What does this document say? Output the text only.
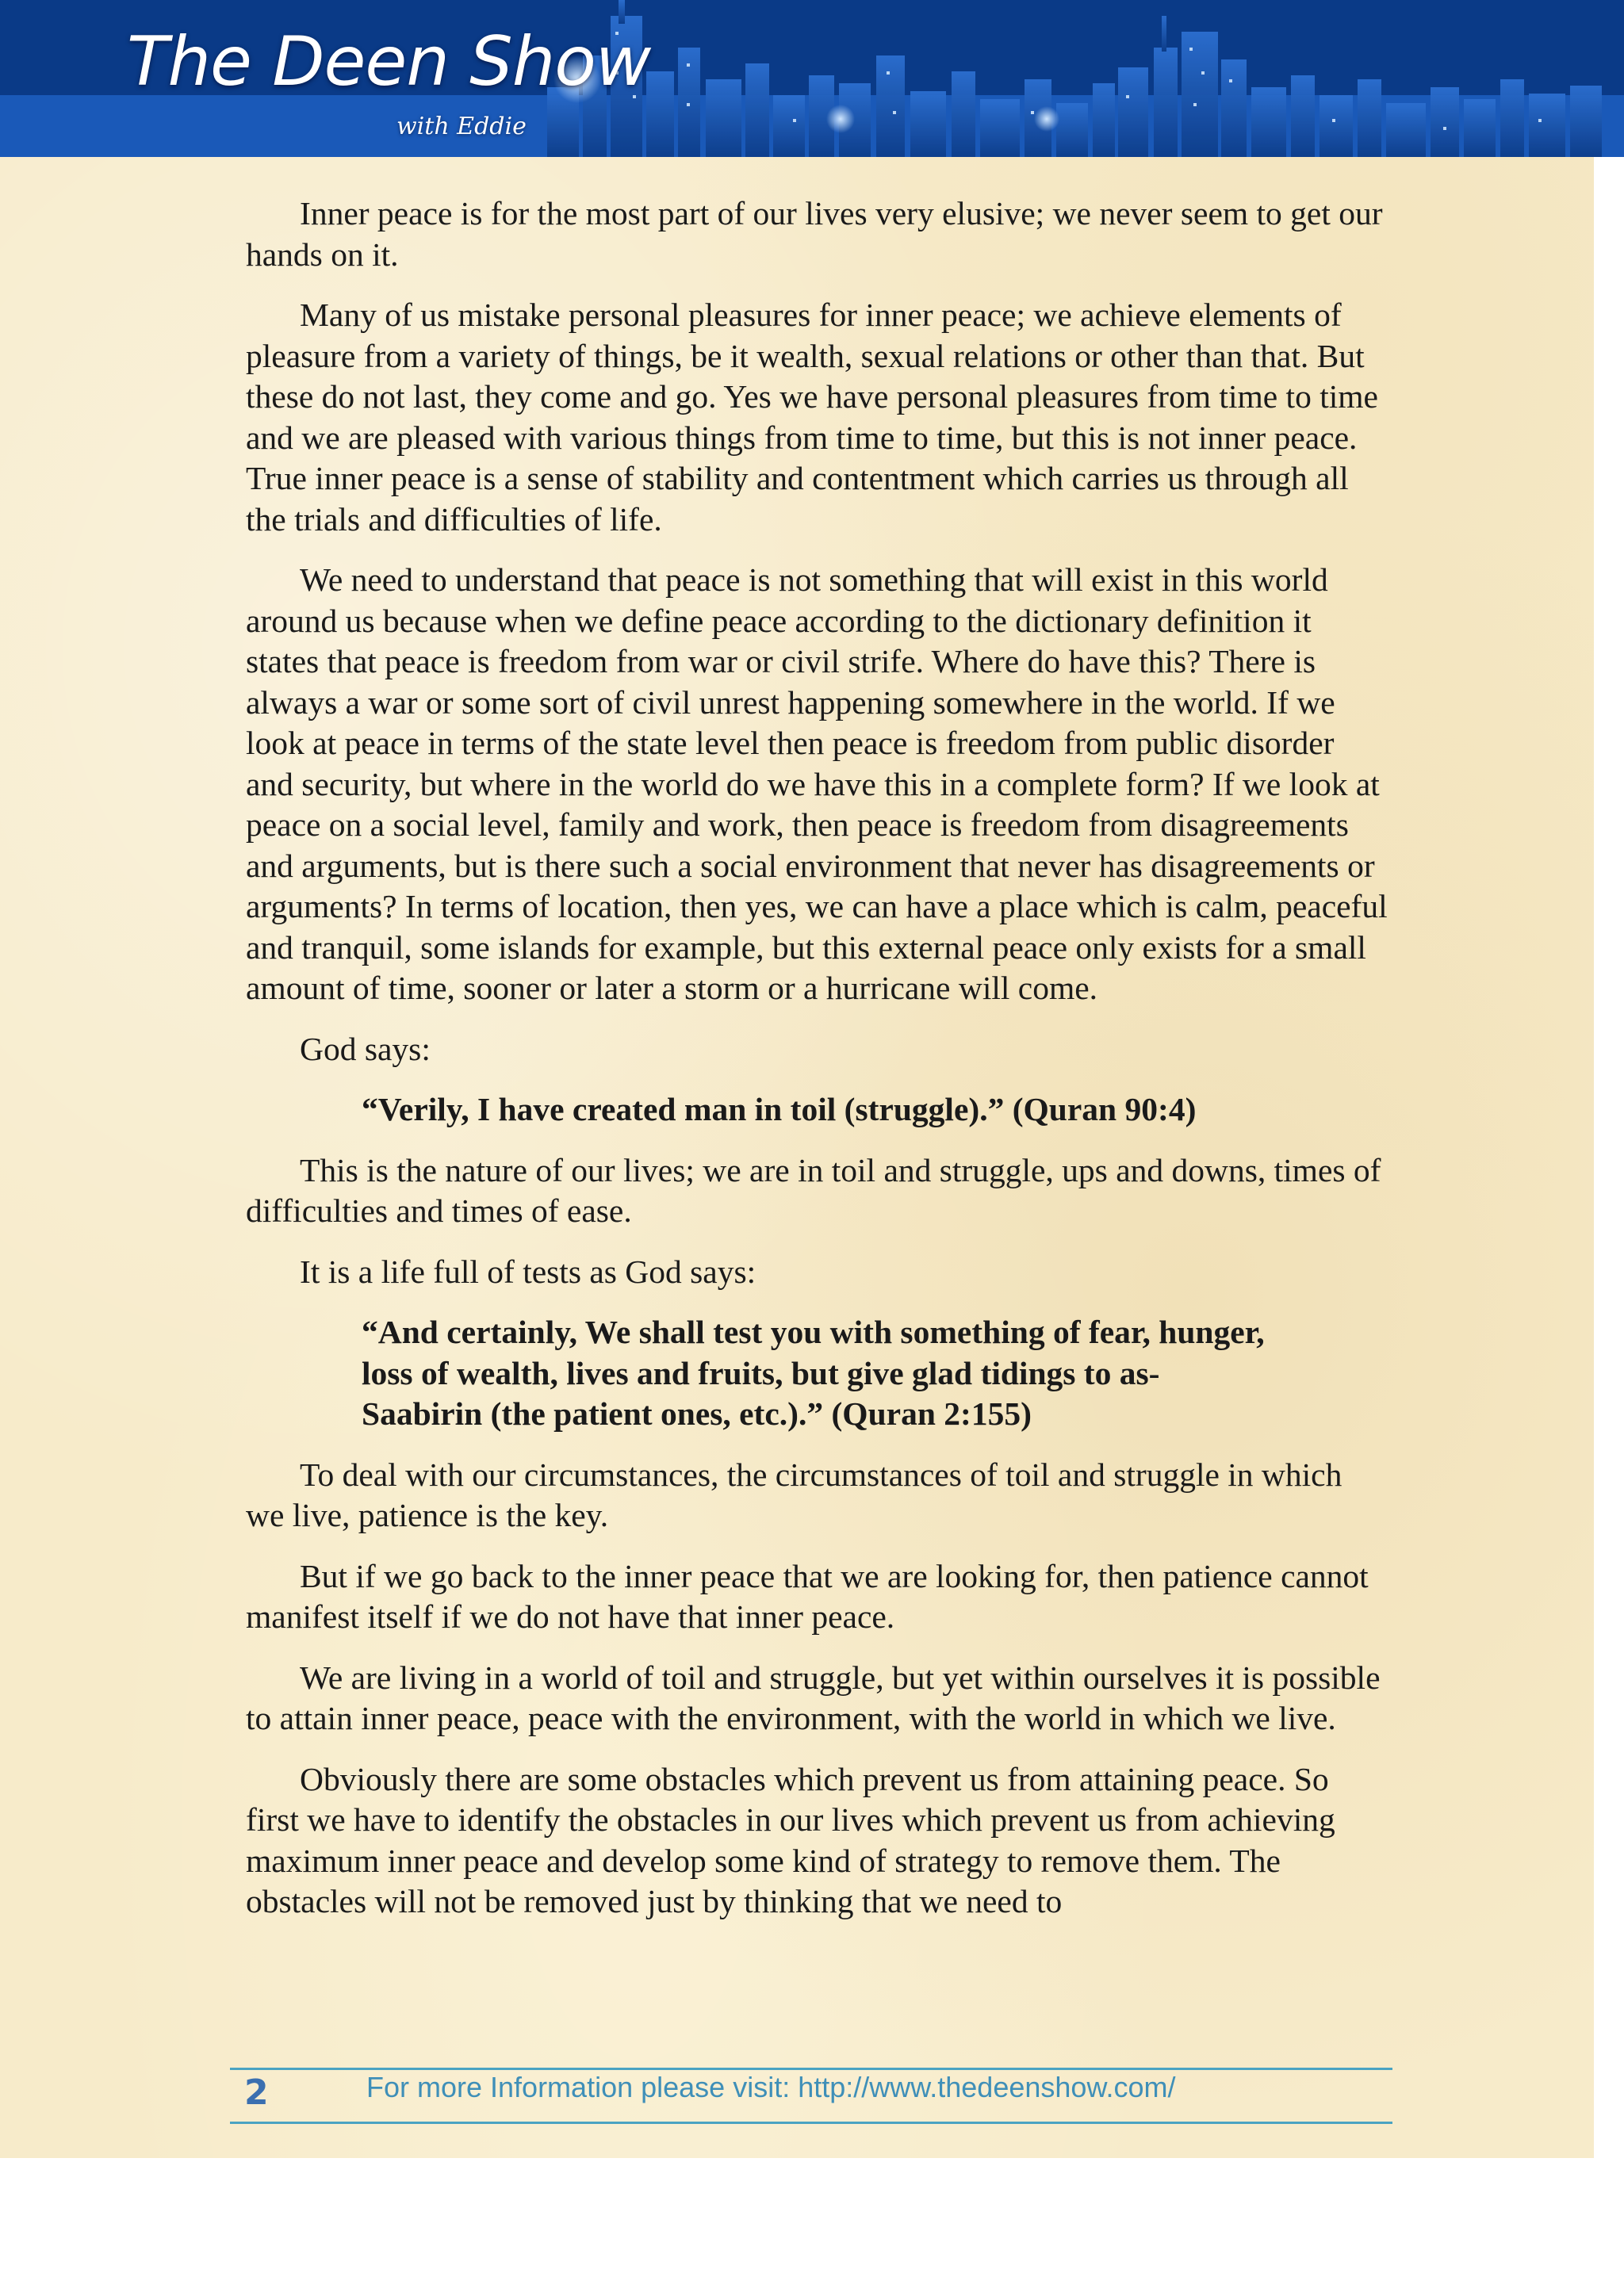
The Deen Show
with Eddie

Inner peace is for the most part of our lives very elusive; we never seem to get our hands on it.

Many of us mistake personal pleasures for inner peace; we achieve elements of pleasure from a variety of things, be it wealth, sexual relations or other than that. But these do not last, they come and go. Yes we have personal pleasures from time to time and we are pleased with various things from time to time, but this is not inner peace. True inner peace is a sense of stability and contentment which carries us through all the trials and difficulties of life.

We need to understand that peace is not something that will exist in this world around us because when we define peace according to the dictionary definition it states that peace is freedom from war or civil strife. Where do have this? There is always a war or some sort of civil unrest happening somewhere in the world. If we look at peace in terms of the state level then peace is freedom from public disorder and security, but where in the world do we have this in a complete form? If we look at peace on a social level, family and work, then peace is freedom from disagreements and arguments, but is there such a social environment that never has disagreements or arguments? In terms of location, then yes, we can have a place which is calm, peaceful and tranquil, some islands for example, but this external peace only exists for a small amount of time, sooner or later a storm or a hurricane will come.

God says:

“Verily, I have created man in toil (struggle).” (Quran 90:4)

This is the nature of our lives; we are in toil and struggle, ups and downs, times of difficulties and times of ease.

It is a life full of tests as God says:

“And certainly, We shall test you with something of fear, hunger, loss of wealth, lives and fruits, but give glad tidings to as-Saabirin (the patient ones, etc.).” (Quran 2:155)

To deal with our circumstances, the circumstances of toil and struggle in which we live, patience is the key.

But if we go back to the inner peace that we are looking for, then patience cannot manifest itself if we do not have that inner peace.

We are living in a world of toil and struggle, but yet within ourselves it is possible to attain inner peace, peace with the environment, with the world in which we live.

Obviously there are some obstacles which prevent us from attaining peace. So first we have to identify the obstacles in our lives which prevent us from achieving maximum inner peace and develop some kind of strategy to remove them. The obstacles will not be removed just by thinking that we need to

2	For more Information please visit: http://www.thedeenshow.com/
